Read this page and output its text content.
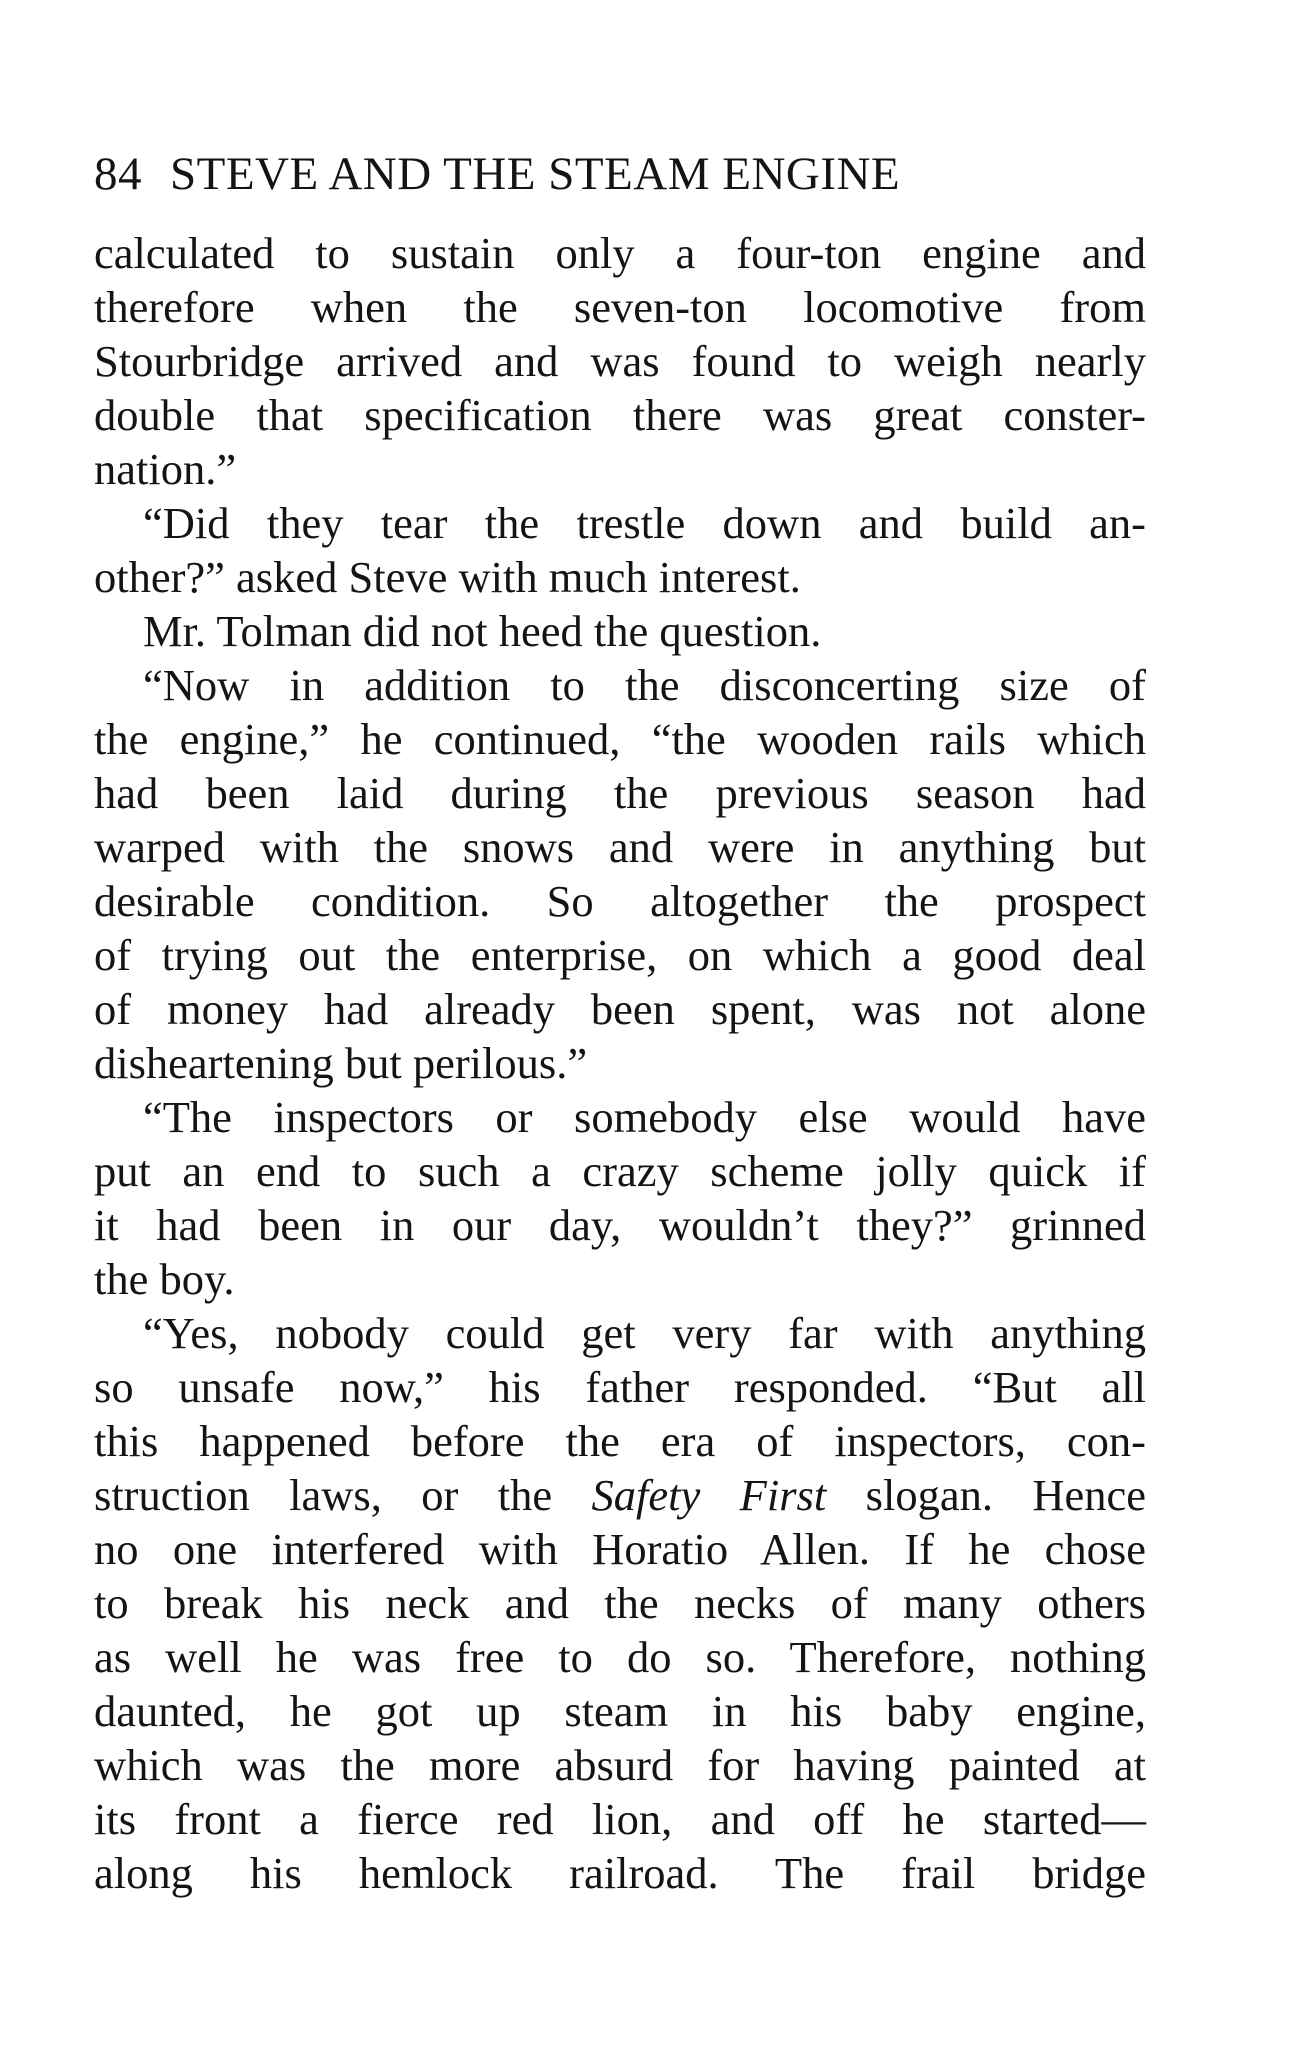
84 STEVE AND THE STEAM ENGINE
calculated to sustain only a four-ton engine and
therefore when the seven-ton locomotive from
Stourbridge arrived and was found to weigh nearly
double that specification there was great conster-
nation.”
“Did they tear the trestle down and build an-
other?” asked Steve with much interest.
Mr. Tolman did not heed the question.
“Now in addition to the disconcerting size of
the engine,” he continued, “the wooden rails which
had been laid during the previous season had
warped with the snows and were in anything but
desirable condition. So altogether the prospect
of trying out the enterprise, on which a good deal
of money had already been spent, was not alone
disheartening but perilous.”
“The inspectors or somebody else would have
put an end to such a crazy scheme jolly quick if
it had been in our day, wouldn’t they?” grinned
the boy.
“Yes, nobody could get very far with anything
so unsafe now,” his father responded. “But all
this happened before the era of inspectors, con-
struction laws, or the Safety First slogan. Hence
no one interfered with Horatio Allen. If he chose
to break his neck and the necks of many others
as well he was free to do so. Therefore, nothing
daunted, he got up steam in his baby engine,
which was the more absurd for having painted at
its front a fierce red lion, and off he started—
along his hemlock railroad. The frail bridge
